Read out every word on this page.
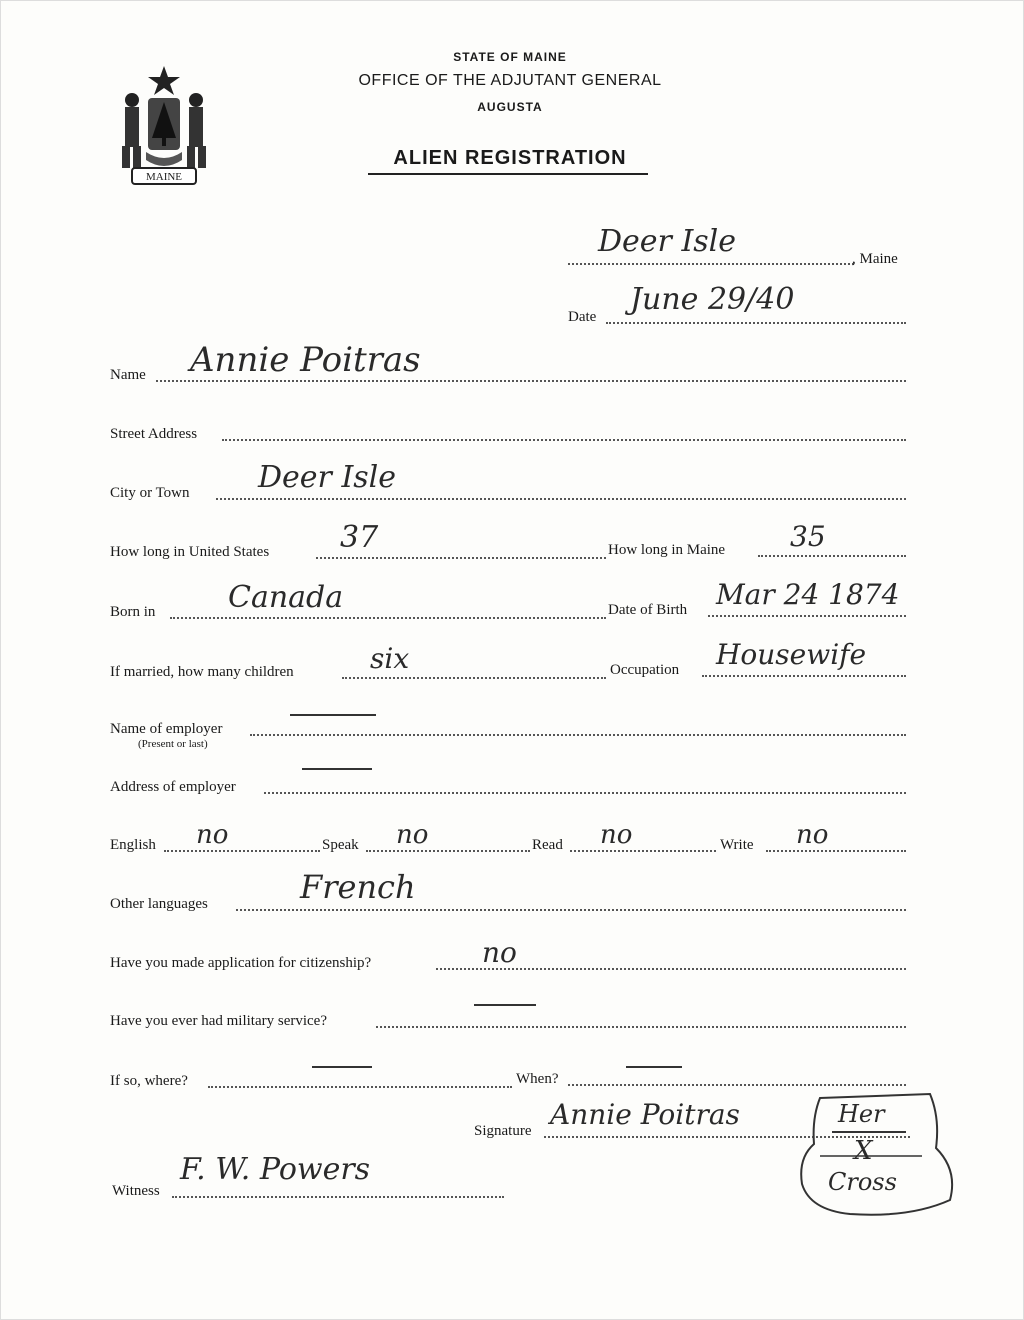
MAINE
STATE OF MAINE
OFFICE OF THE ADJUTANT GENERAL
AUGUSTA
ALIEN REGISTRATION
Deer Isle	, Maine
Date June 29/40
Name Annie Poitras
Street Address
City or Town Deer Isle
How long in United States 37	How long in Maine 35
Born in Canada	Date of Birth Mar 24 1874
If married, how many children	six	Occupation Housewife
Name of employer
(Present or last)
Address of employer
English no	Speak no	Read no	Write no
Other languages	French
Have you made application for citizenship?	no
Have you ever had military service?
If so, where?	When?
Signature Annie Poitras	Her
X
Cross
Witness
F. W. Powers
